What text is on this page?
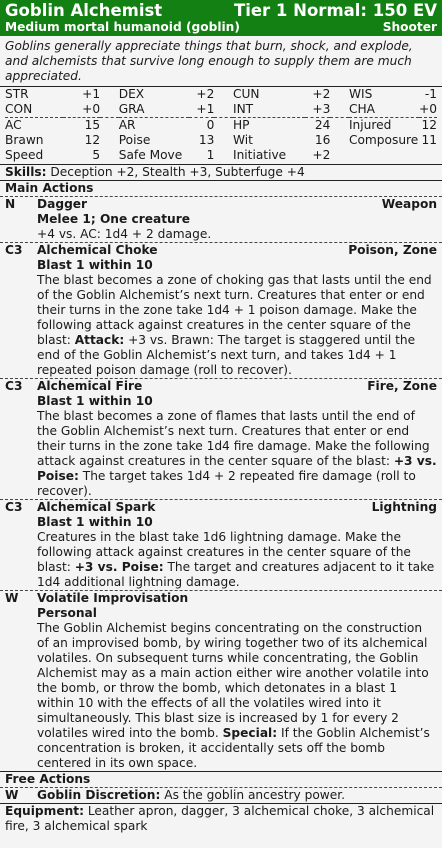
Goblin Alchemist	Tier 1 Normal: 150 EV
Medium mortal humanoid (goblin)	Shooter
Goblins generally appreciate things that burn, shock, and explode, and alchemists that survive long enough to supply them are much appreciated.
STR	+1		DEX	+2		CUN	+2		WIS	-1
CON	+0		GRA	+1		INT	+3		CHA	+0
AC	15		AR	0		HP	24		Injured	12
Brawn	12		Poise	13		Wit	16		Composure	11
Speed	5		Safe Move	1		Initiative	+2			
Skills: Deception +2, Stealth +3, Subterfuge +4
Main Actions
N	Dagger	Weapon
Melee 1; One creature
+4 vs. AC: 1d4 + 2 damage.
C3	Alchemical Choke	Poison, Zone
Blast 1 within 10
The blast becomes a zone of choking gas that lasts until the end of the Goblin Alchemist’s next turn. Creatures that enter or end their turns in the zone take 1d4 + 1 poison damage. Make the following attack against creatures in the center square of the blast: Attack: +3 vs. Brawn: The target is staggered until the end of the Goblin Alchemist’s next turn, and takes 1d4 + 1 repeated poison damage (roll to recover).
C3	Alchemical Fire	Fire, Zone
Blast 1 within 10
The blast becomes a zone of flames that lasts until the end of the Goblin Alchemist’s next turn. Creatures that enter or end their turns in the zone take 1d4 fire damage. Make the following attack against creatures in the center square of the blast: +3 vs. Poise: The target takes 1d4 + 2 repeated fire damage (roll to recover).
C3	Alchemical Spark	Lightning
Blast 1 within 10
Creatures in the blast take 1d6 lightning damage. Make the following attack against creatures in the center square of the blast: +3 vs. Poise: The target and creatures adjacent to it take 1d4 additional lightning damage.
W	Volatile Improvisation
Personal
The Goblin Alchemist begins concentrating on the construction of an improvised bomb, by wiring together two of its alchemical volatiles. On subsequent turns while concentrating, the Goblin Alchemist may as a main action either wire another volatile into the bomb, or throw the bomb, which detonates in a blast 1 within 10 with the effects of all the volatiles wired into it simultaneously. This blast size is increased by 1 for every 2 volatiles wired into the bomb. Special: If the Goblin Alchemist’s concentration is broken, it accidentally sets off the bomb centered in its own space.
Free Actions
W	Goblin Discretion: As the goblin ancestry power.
Equipment: Leather apron, dagger, 3 alchemical choke, 3 alchemical fire, 3 alchemical spark
